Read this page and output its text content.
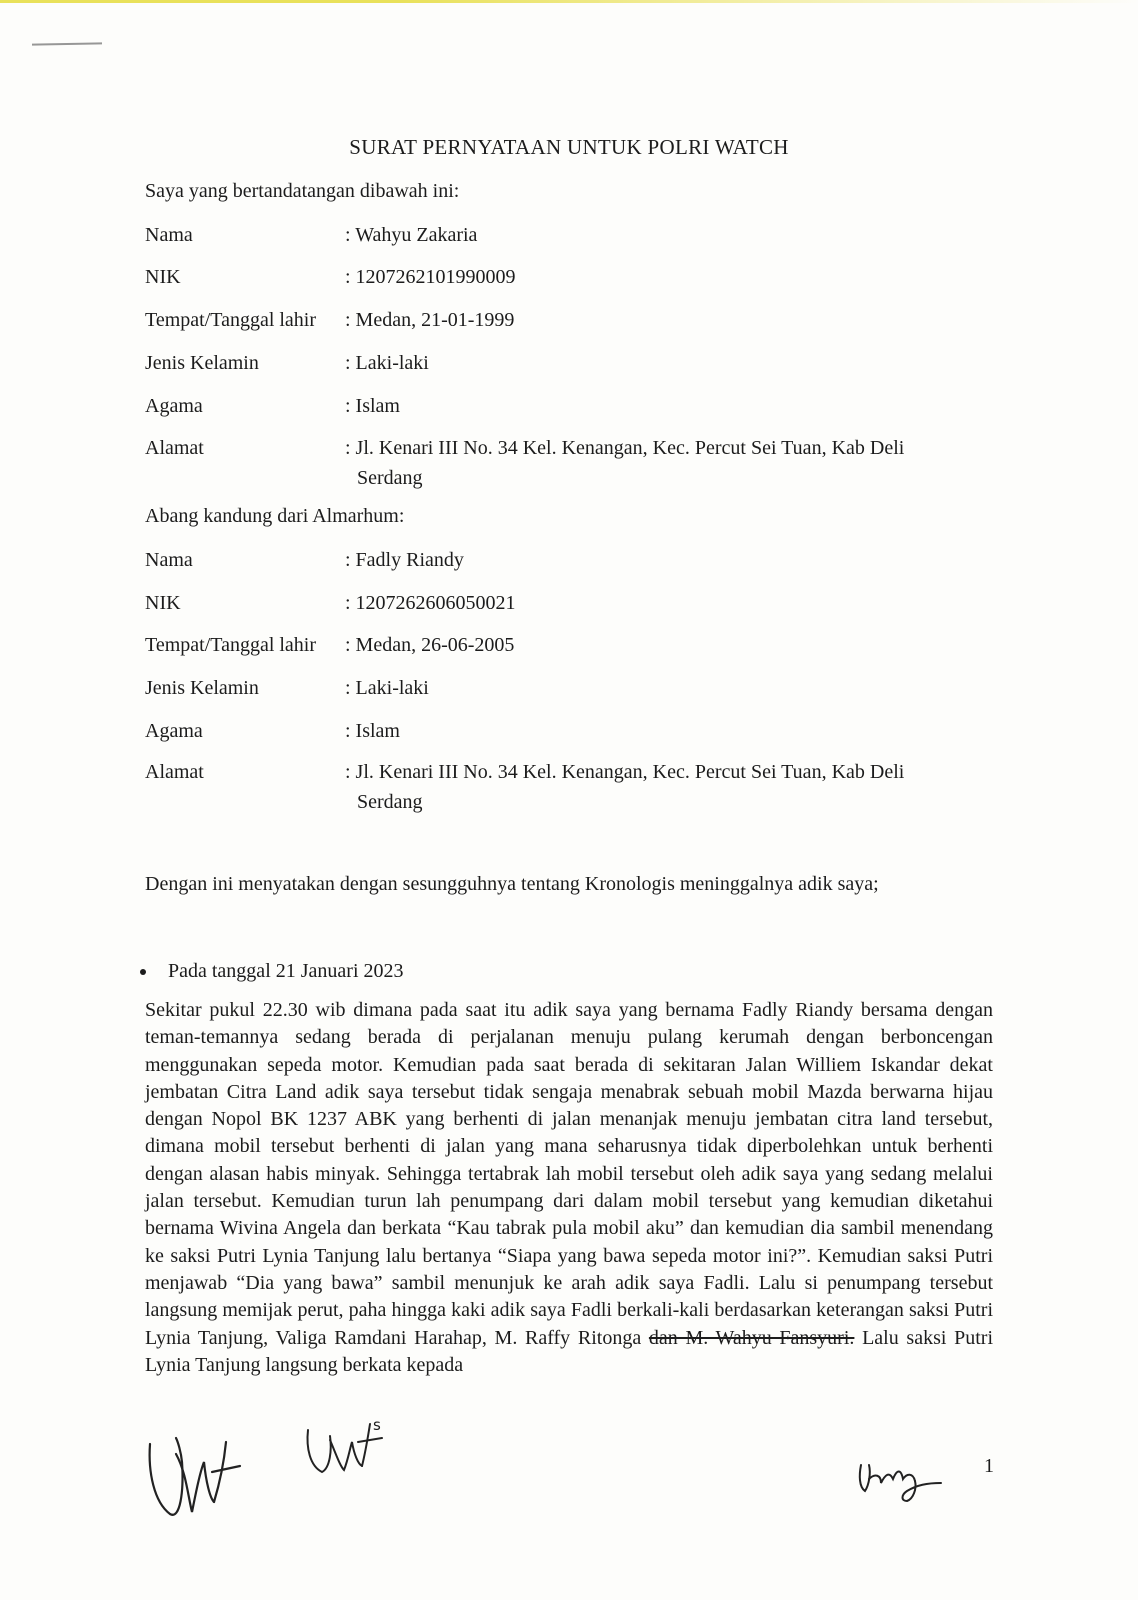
SURAT PERNYATAAN UNTUK POLRI WATCH
Saya yang bertandatangan dibawah ini:
Nama	: Wahyu Zakaria
NIK	: 1207262101990009
Tempat/Tanggal lahir : Medan, 21-01-1999
Jenis Kelamin	: Laki-laki
Agama	: Islam
Alamat	: Jl. Kenari III No. 34 Kel. Kenangan, Kec. Percut Sei Tuan, Kab Deli
Serdang
Abang kandung dari Almarhum:
Nama	: Fadly Riandy
NIK	: 1207262606050021
Tempat/Tanggal lahir : Medan, 26-06-2005
Jenis Kelamin	: Laki-laki
Agama	: Islam
Alamat	: Jl. Kenari III No. 34 Kel. Kenangan, Kec. Percut Sei Tuan, Kab Deli
Serdang
Dengan ini menyatakan dengan sesungguhnya tentang Kronologis meninggalnya adik saya;
Pada tanggal 21 Januari 2023
Sekitar pukul 22.30 wib dimana pada saat itu adik saya yang bernama Fadly Riandy bersama dengan teman-temannya sedang berada di perjalanan menuju pulang kerumah dengan berboncengan menggunakan sepeda motor. Kemudian pada saat berada di sekitaran Jalan Williem Iskandar dekat jembatan Citra Land adik saya tersebut tidak sengaja menabrak sebuah mobil Mazda berwarna hijau dengan Nopol BK 1237 ABK yang berhenti di jalan menanjak menuju jembatan citra land tersebut, dimana mobil tersebut berhenti di jalan yang mana seharusnya tidak diperbolehkan untuk berhenti dengan alasan habis minyak. Sehingga tertabrak lah mobil tersebut oleh adik saya yang sedang melalui jalan tersebut. Kemudian turun lah penumpang dari dalam mobil tersebut yang kemudian diketahui bernama Wivina Angela dan berkata “Kau tabrak pula mobil aku” dan kemudian dia sambil menendang ke saksi Putri Lynia Tanjung lalu bertanya “Siapa yang bawa sepeda motor ini?”. Kemudian saksi Putri menjawab “Dia yang bawa” sambil menunjuk ke arah adik saya Fadli. Lalu si penumpang tersebut langsung memijak perut, paha hingga kaki adik saya Fadli berkali-kali berdasarkan keterangan saksi Putri Lynia Tanjung, Valiga Ramdani Harahap, M. Raffy Ritonga dan M. Wahyu Fansyuri. Lalu saksi Putri Lynia Tanjung langsung berkata kepada
s
1
